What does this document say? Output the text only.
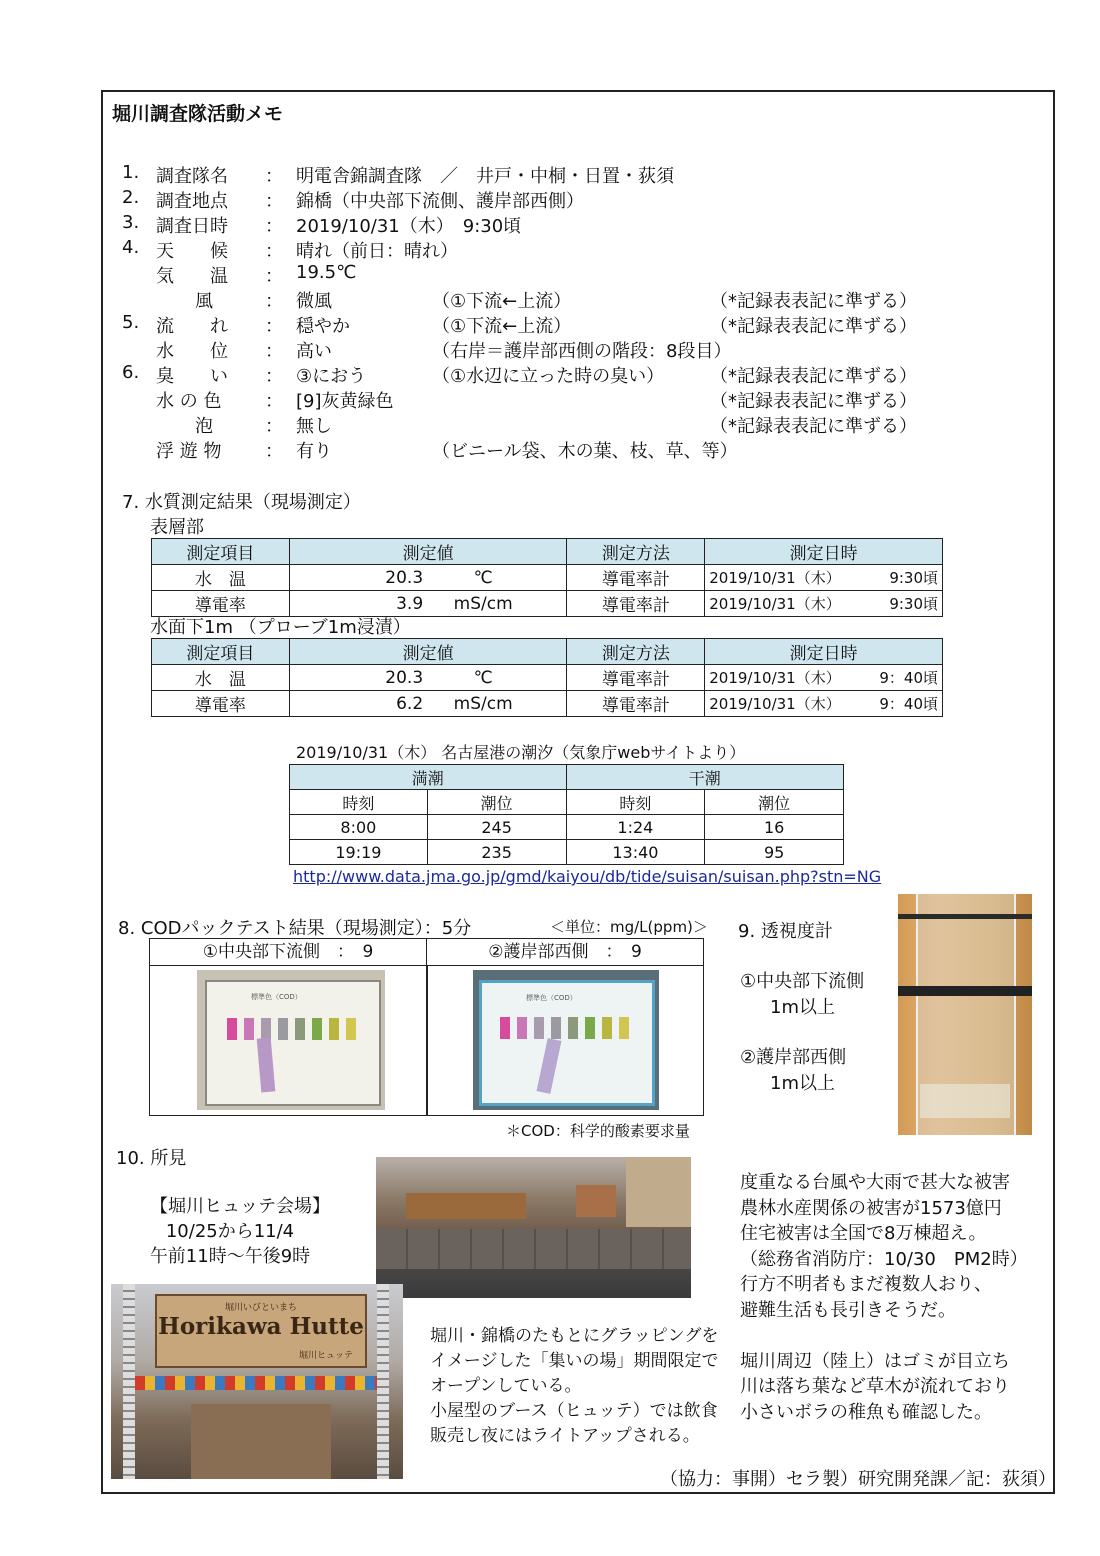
堀川調査隊活動メモ
1. 調査隊名 ： 明電舎錦調査隊　／　井戸・中桐・日置・荻須
2. 調査地点 ： 錦橋（中央部下流側、護岸部西側）
3. 調査日時 ： 2019/10/31（木）　9:30頃
4. 天　　候 ： 晴れ（前日：晴れ）
気　　温 ： 19.5℃
風	： 微風	（①下流←上流）	（*記録表表記に準ずる）
5. 流　　れ ： 穏やか	（①下流←上流）	（*記録表表記に準ずる）
水　　位 ： 高い	（右岸＝護岸部西側の階段：8段目）
6. 臭　　い ： ③におう	（①水辺に立った時の臭い）	（*記録表表記に準ずる）
水 の 色 ： [9]灰黄緑色	（*記録表表記に準ずる）
泡	： 無し	（*記録表表記に準ずる）
浮 遊 物 ： 有り	（ビニール袋、木の葉、枝、草、等）
7. 水質測定結果（現場測定）
表層部
測定項目	測定値	測定方法	測定日時
水　温	20.3 ℃	導電率計	2019/10/31（木） 9:30頃

導電率	3.9 mS/cm	導電率計	2019/10/31（木） 9:30頃
水面下1m （プローブ1m浸漬）
測定項目	測定値	測定方法	測定日時
水　温	20.3 ℃	導電率計	2019/10/31（木） 9：40頃

導電率	6.2 mS/cm	導電率計	2019/10/31（木） 9：40頃
2019/10/31（木） 名古屋港の潮汐（気象庁webサイトより）
満潮		干潮	
時刻	潮位	時刻	潮位
8:00	245	1:24	16
19:19	235	13:40	95
http://www.data.jma.go.jp/gmd/kaiyou/db/tide/suisan/suisan.php?stn=NG
8. CODパックテスト結果（現場測定）：5分	＜単位：mg/L(ppm)＞
①中央部下流側　：　9	②護岸部西側　：　9
標準色（COD）	標準色（COD）
＊COD：科学的酸素要求量
9. 透視度計
①中央部下流側
1m以上
②護岸部西側
1m以上
10. 所見
【堀川ヒュッテ会場】
10/25から11/4
午前11時～午後9時
堀川いびといまち
Horikawa Hutte
堀川ヒュッテ
堀川・錦橋のたもとにグラッピングを
イメージした「集いの場」期間限定で
オープンしている。
小屋型のブース（ヒュッテ）では飲食
販売し夜にはライトアップされる。
度重なる台風や大雨で甚大な被害
農林水産関係の被害が1573億円
住宅被害は全国で8万棟超え。
（総務省消防庁：10/30　PM2時）
行方不明者もまだ複数人おり、
避難生活も長引きそうだ。
堀川周辺（陸上）はゴミが目立ち
川は落ち葉など草木が流れており
小さいボラの稚魚も確認した。
（協力：事開）セラ製）研究開発課／記：荻須）
